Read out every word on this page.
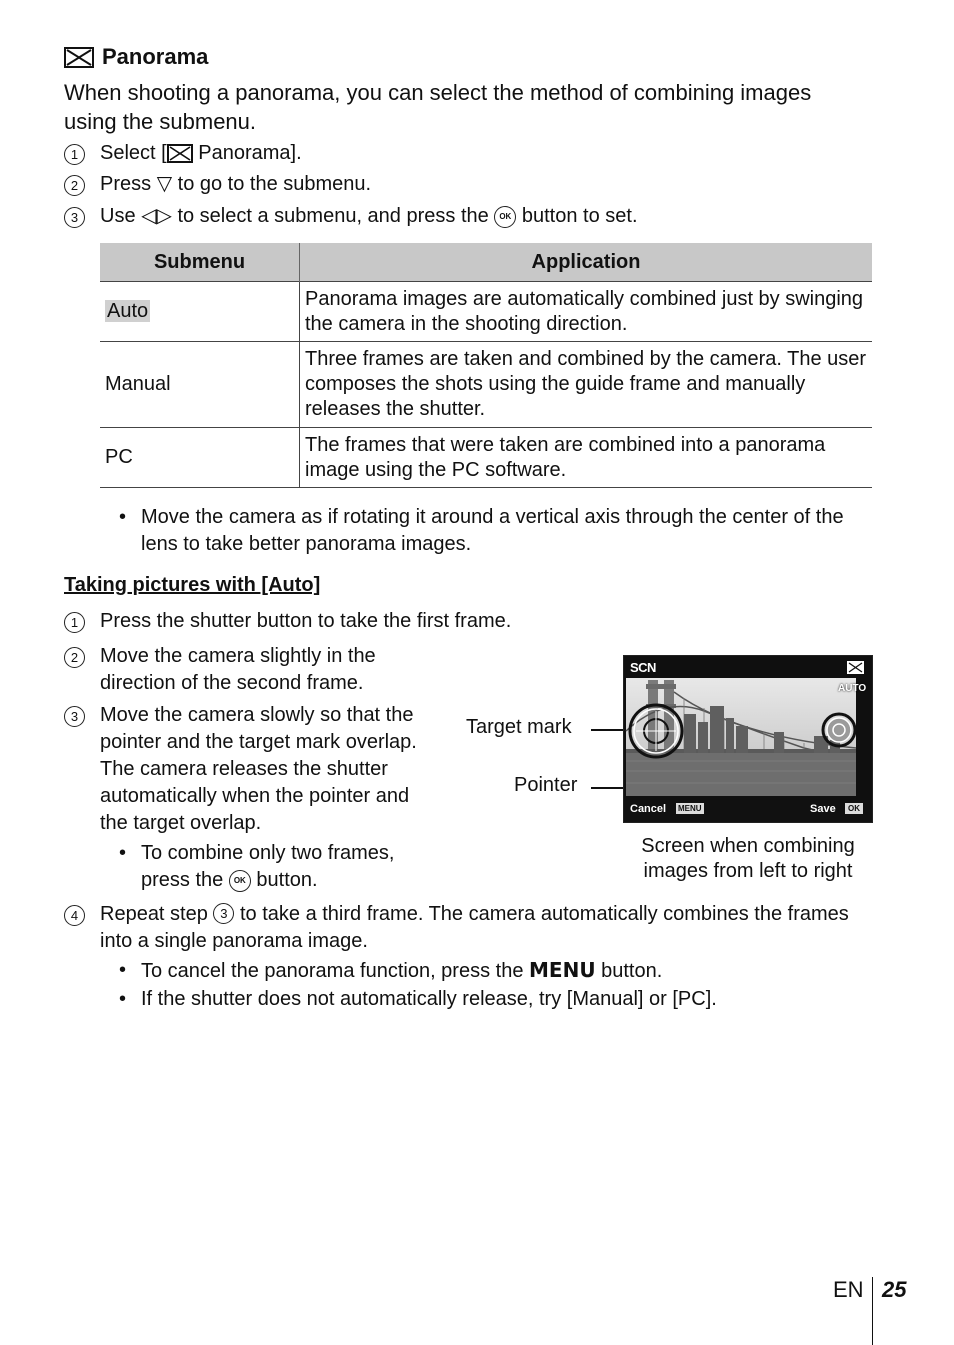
Panorama
When shooting a panorama, you can select the method of combining images using the submenu.
1	Select [
Panorama].
2	Press ▽ to go to the submenu.
3	Use ◁▷ to select a submenu, and press the OK button to set.
Submenu	Application
Auto	Panorama images are automatically combined just by swinging the camera in the shooting direction.
Manual	Three frames are taken and combined by the camera. The user composes the shots using the guide frame and manually releases the shutter.
PC	The frames that were taken are combined into a panorama image using the PC software.
• Move the camera as if rotating it around a vertical axis through the center of the lens to take better panorama images.
Taking pictures with [Auto]
1	Press the shutter button to take the first frame.
2	Move the camera slightly in the direction of the second frame.
3	Move the camera slowly so that the pointer and the target mark overlap. The camera releases the shutter automatically when the pointer and the target overlap.
• To combine only two frames, press the OK button.
Target mark
Pointer
SCN
AUTO
Cancel MENU	Save	OK
Screen when combining
images from left to right
4	Repeat step 3 to take a third frame. The camera automatically combines the frames into a single panorama image.
• To cancel the panorama function, press the MENU button.
• If the shutter does not automatically release, try [Manual] or [PC].
EN 25
